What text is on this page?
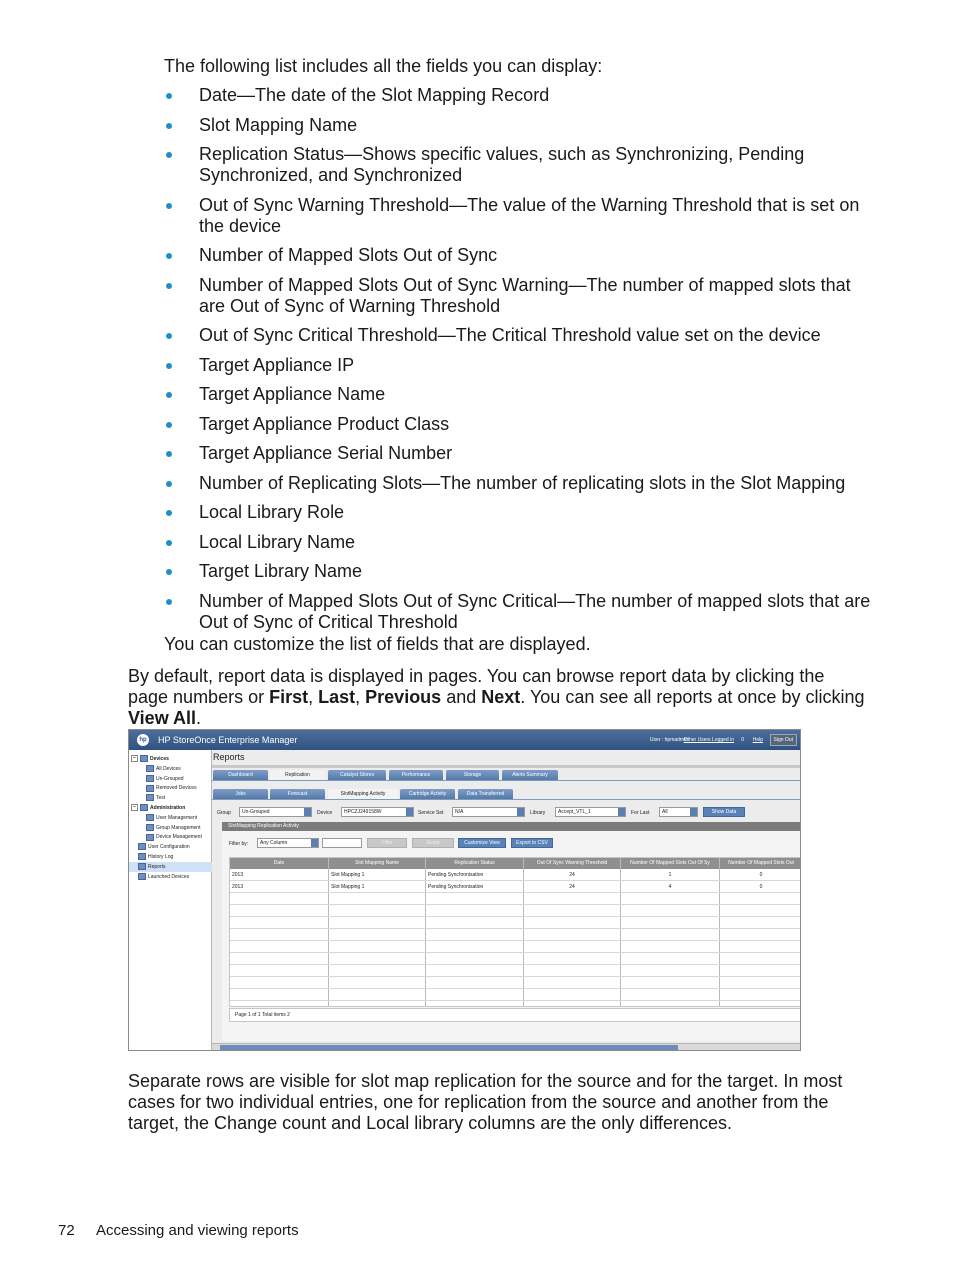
The following list includes all the fields you can display:
Date—The date of the Slot Mapping Record
Slot Mapping Name
Replication Status—Shows specific values, such as Synchronizing, Pending Synchronized, and Synchronized
Out of Sync Warning Threshold—The value of the Warning Threshold that is set on the device
Number of Mapped Slots Out of Sync
Number of Mapped Slots Out of Sync Warning—The number of mapped slots that are Out of Sync of Warning Threshold
Out of Sync Critical Threshold—The Critical Threshold value set on the device
Target Appliance IP
Target Appliance Name
Target Appliance Product Class
Target Appliance Serial Number
Number of Replicating Slots—The number of replicating slots in the Slot Mapping
Local Library Role
Local Library Name
Target Library Name
Number of Mapped Slots Out of Sync Critical—The number of mapped slots that are Out of Sync of Critical Threshold
You can customize the list of fields that are displayed.
By default, report data is displayed in pages. You can browse report data by clicking the page numbers or First, Last, Previous and Next. You can see all reports at once by clicking View All.
hp HP StoreOnce Enterprise Manager	User : hpmadmin
Other Users Logged in 0 Help	Sign Out
−	Devices
All Devices
Un-Grouped
Removed Devices
Test
−	Administration
User Management
Group Management
Device Management
User Configuration
History Log
Reports
Launched Devices
Reports
Dashboard	Replication	Catalyst Stores	Performance	Storage	Alerts Summary
Jobs	Forecast	SlotMapping Activity	Cartridge Activity	Data Transferred
Group	Un-Grouped	Device	HPCZJ249158W	Service Set	N/A	Library	Accept_VTL_1	For Last	All	Show Data
SlotMapping Replication Activity
Filter by:	Any Column	Filter	Reset	Customize View	Export to CSV
Date	Slot Mapping Name	Replication Status	Out Of Sync Warning Threshold	Number Of Mapped Slots Out Of Sy	Number Of Mapped Slots Out
2013	Slot Mapping 1	Pending Synchronisation	24	1	0
2013	Slot Mapping 1	Pending Synchronisation	24	4	0
Page 1 of 1 Total items 2
Separate rows are visible for slot map replication for the source and for the target. In most cases for two individual entries, one for replication from the source and another from the target, the Change count and Local library columns are the only differences.
72 Accessing and viewing reports
